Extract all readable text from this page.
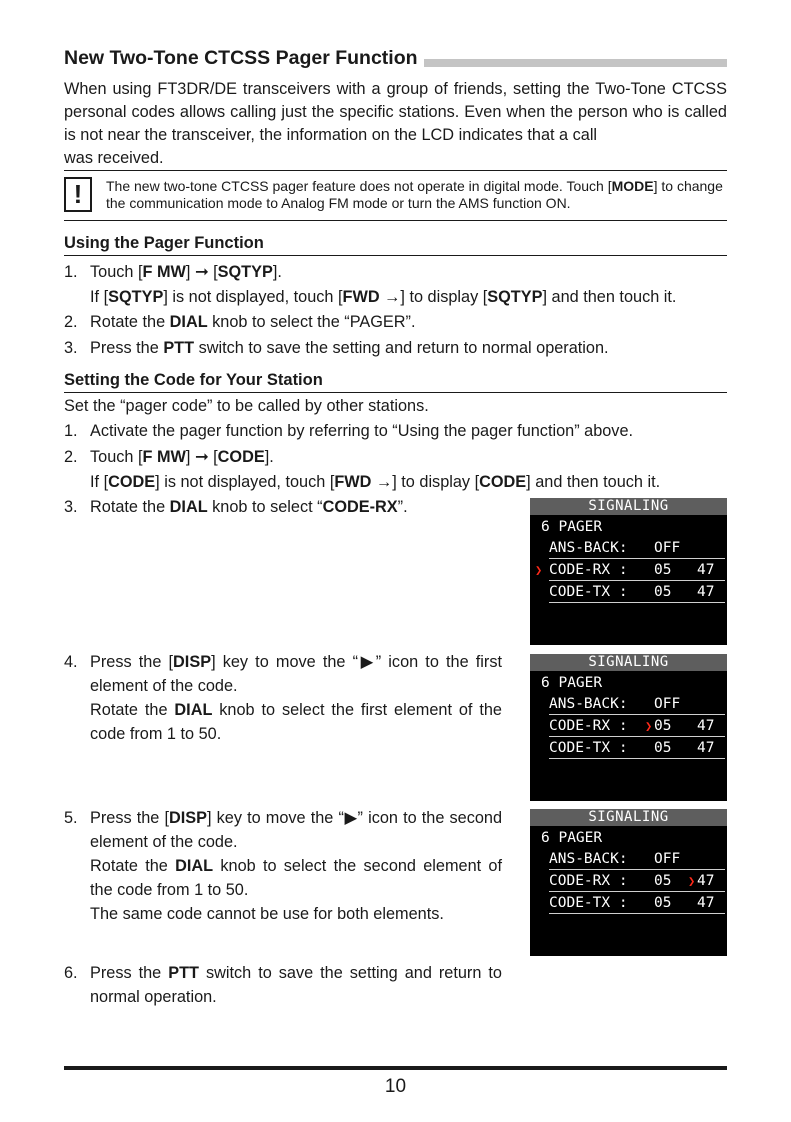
New Two-Tone CTCSS Pager Function
When using FT3DR/DE transceivers with a group of friends, setting the Two-Tone CTCSS personal codes allows calling just the specific stations. Even when the person who is called is not near the transceiver, the information on the LCD indicates that a call
was received.
!	The new two-tone CTCSS pager feature does not operate in digital mode. Touch [MODE] to change the communication mode to Analog FM mode or turn the AMS function ON.
Using the Pager Function
1. Touch [F MW] ➞ [SQTYP].
If [SQTYP] is not displayed, touch [FWD →] to display [SQTYP] and then touch it.
2. Rotate the DIAL knob to select the “PAGER”.
3. Press the PTT switch to save the setting and return to normal operation.
Setting the Code for Your Station
Set the “pager code” to be called by other stations.
1. Activate the pager function by referring to “Using the pager function” above.
2. Touch [F MW] ➞ [CODE].
If [CODE] is not displayed, touch [FWD →] to display [CODE] and then touch it.
3. Rotate the DIAL knob to select “CODE-RX”.
4. Press the [DISP] key to move the “▶” icon to the first element of the code.
Rotate the DIAL knob to select the first element of the code from 1 to 50.
5. Press the [DISP] key to move the “▶” icon to the second element of the code.
Rotate the DIAL knob to select the second element of the code from 1 to 50.
The same code cannot be use for both elements.
6. Press the PTT switch to save the setting and return to normal operation.
SIGNALING
6 PAGER
ANS-BACK: OFF
❯ CODE-RX : 05 47
CODE-TX : 05 47
SIGNALING
6 PAGER
ANS-BACK: OFF
CODE-RX : ❯ 05 47
CODE-TX : 05 47
SIGNALING
6 PAGER
ANS-BACK: OFF
CODE-RX : 05 ❯ 47
CODE-TX : 05 47
10
